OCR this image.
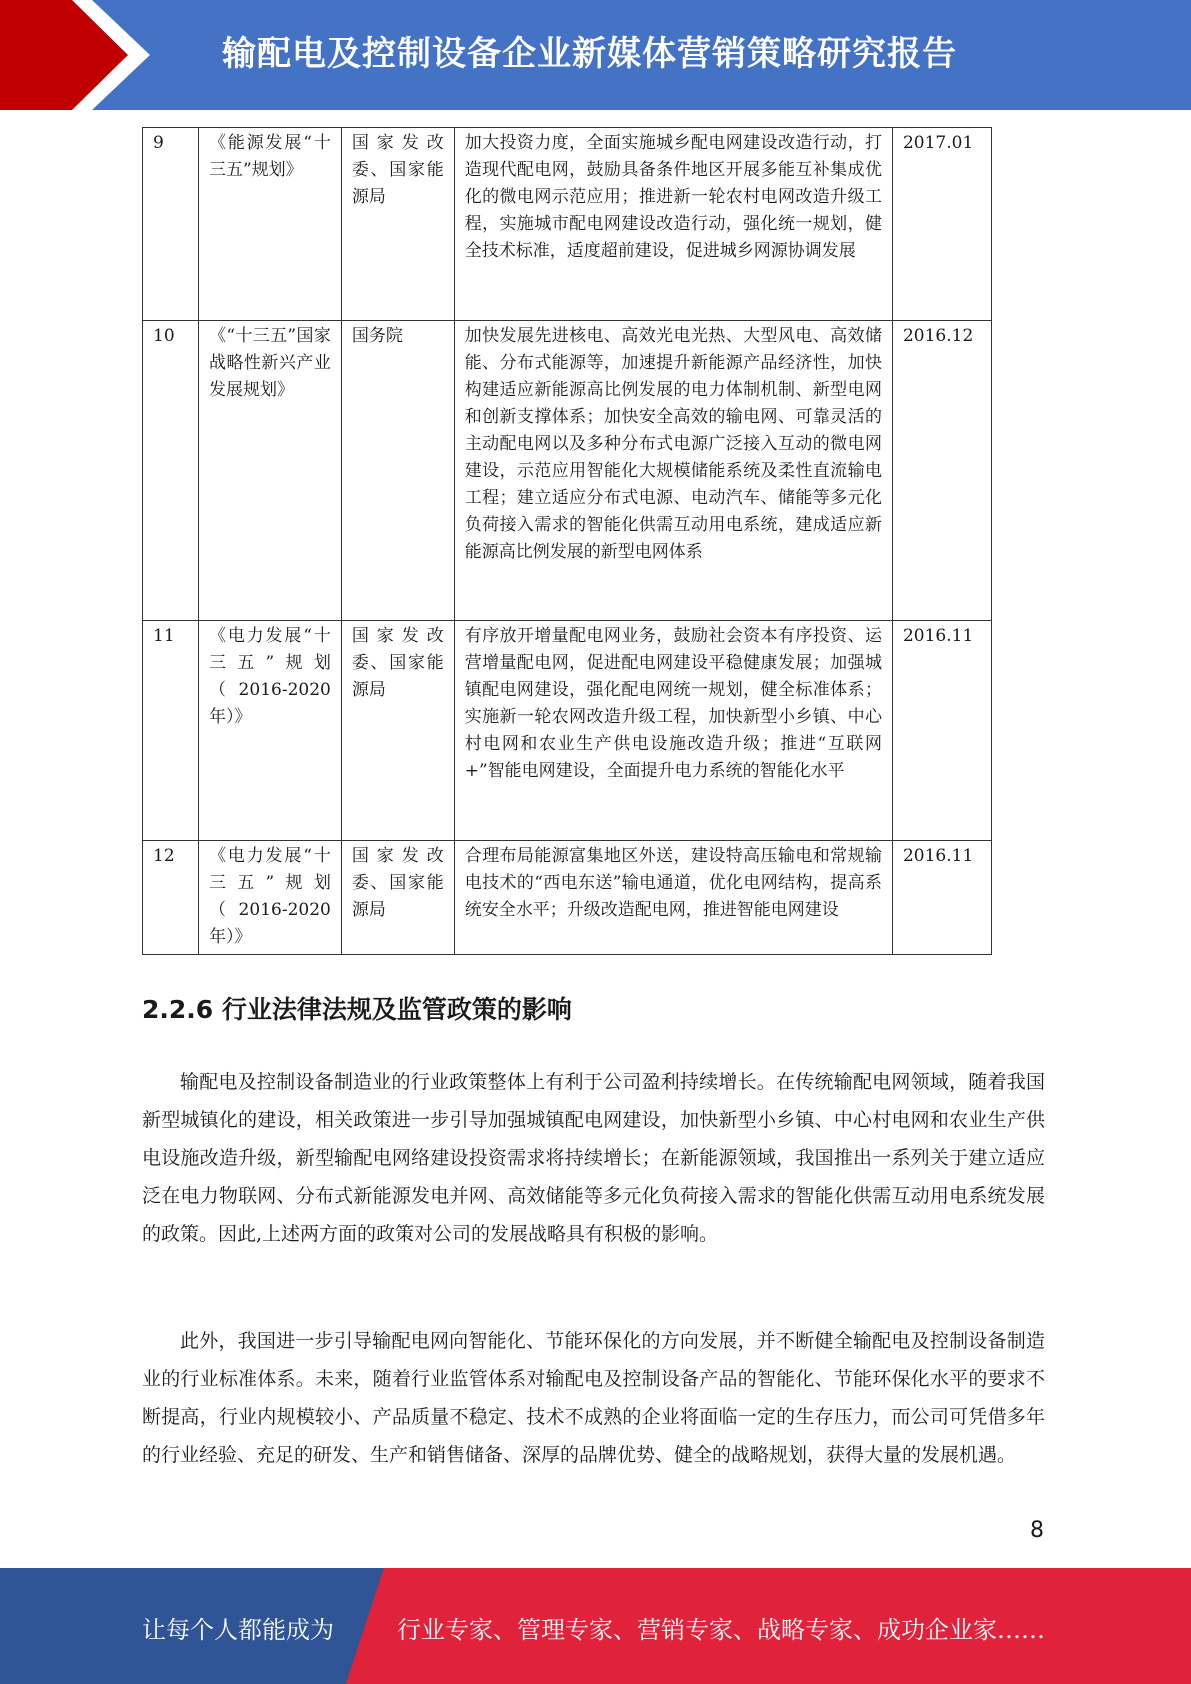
输配电及控制设备企业新媒体营销策略研究报告
9	《能源发展“十三五”规划》	国家发改委、国家能源局	加大投资力度，全面实施城乡配电网建设改造行动，打造现代配电网，鼓励具备条件地区开展多能互补集成优化的微电网示范应用；推进新一轮农村电网改造升级工程，实施城市配电网建设改造行动，强化统一规划，健全技术标准，适度超前建设，促进城乡网源协调发展	2017.01
10	《“十三五”国家战略性新兴产业发展规划》	国务院	加快发展先进核电、高效光电光热、大型风电、高效储能、分布式能源等，加速提升新能源产品经济性，加快构建适应新能源高比例发展的电力体制机制、新型电网和创新支撑体系；加快安全高效的输电网、可靠灵活的主动配电网以及多种分布式电源广泛接入互动的微电网建设，示范应用智能化大规模储能系统及柔性直流输电工程；建立适应分布式电源、电动汽车、储能等多元化负荷接入需求的智能化供需互动用电系统，建成适应新能源高比例发展的新型电网体系	2016.12
11	《电力发展“十三五”规划（2016-2020年）》	国家发改委、国家能源局	有序放开增量配电网业务，鼓励社会资本有序投资、运营增量配电网，促进配电网建设平稳健康发展；加强城镇配电网建设，强化配电网统一规划，健全标准体系；实施新一轮农网改造升级工程，加快新型小乡镇、中心村电网和农业生产供电设施改造升级；推进“互联网+”智能电网建设，全面提升电力系统的智能化水平	2016.11
12	《电力发展“十三五”规划（2016-2020年）》	国家发改委、国家能源局	合理布局能源富集地区外送，建设特高压输电和常规输电技术的“西电东送”输电通道，优化电网结构，提高系统安全水平；升级改造配电网，推进智能电网建设	2016.11
2.2.6 行业法律法规及监管政策的影响

输配电及控制设备制造业的行业政策整体上有利于公司盈利持续增长。在传统输配电网领域，随着我国新型城镇化的建设，相关政策进一步引导加强城镇配电网建设，加快新型小乡镇、中心村电网和农业生产供电设施改造升级，新型输配电网络建设投资需求将持续增长；在新能源领域，我国推出一系列关于建立适应泛在电力物联网、分布式新能源发电并网、高效储能等多元化负荷接入需求的智能化供需互动用电系统发展的政策。因此,上述两方面的政策对公司的发展战略具有积极的影响。

此外，我国进一步引导输配电网向智能化、节能环保化的方向发展，并不断健全输配电及控制设备制造业的行业标准体系。未来，随着行业监管体系对输配电及控制设备产品的智能化、节能环保化水平的要求不断提高，行业内规模较小、产品质量不稳定、技术不成熟的企业将面临一定的生存压力，而公司可凭借多年的行业经验、充足的研发、生产和销售储备、深厚的品牌优势、健全的战略规划，获得大量的发展机遇。

8
让每个人都能成为	行业专家、管理专家、营销专家、战略专家、成功企业家……
